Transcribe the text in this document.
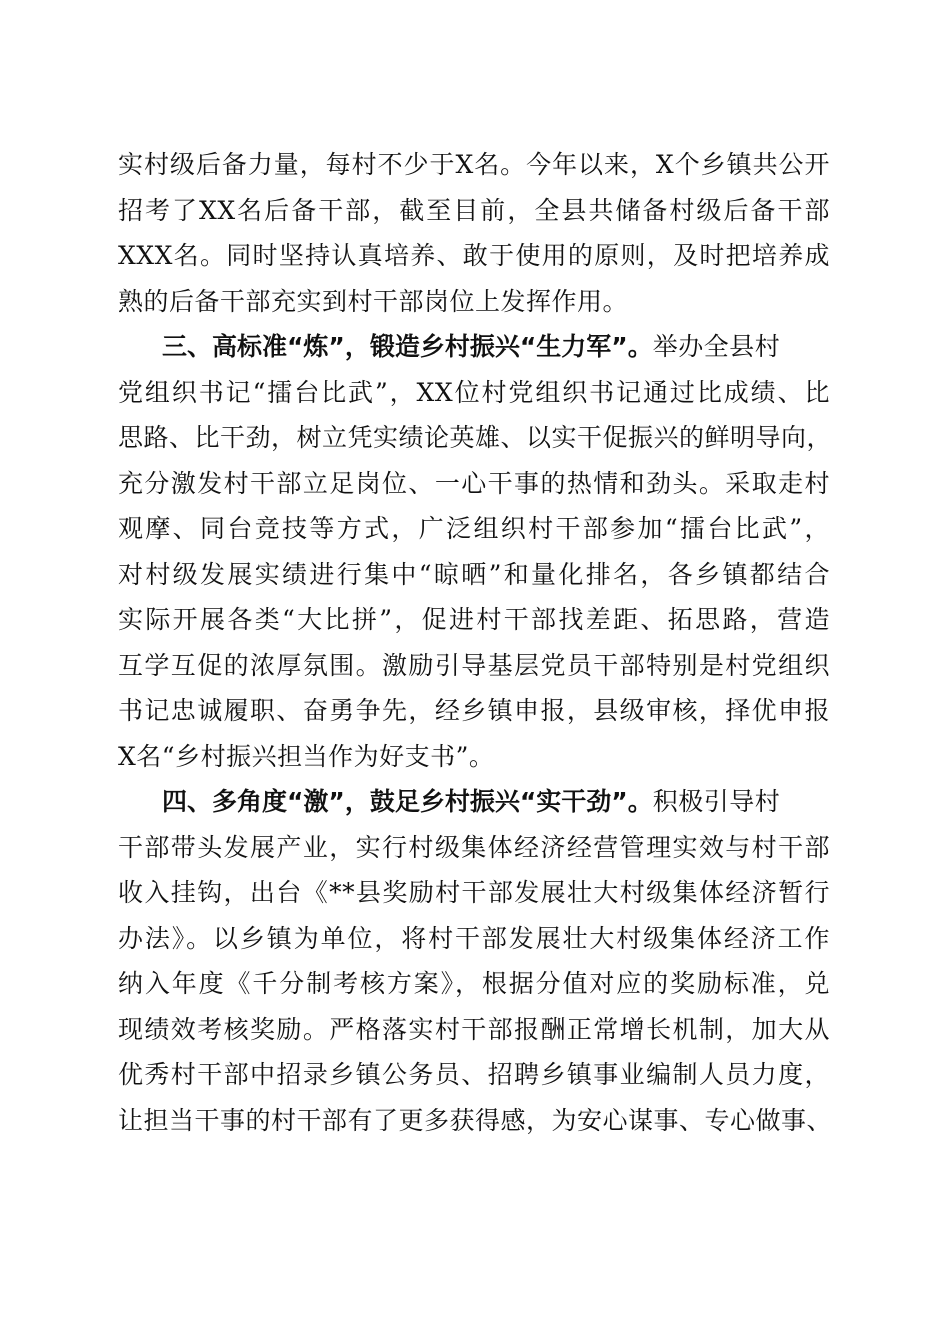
实村级后备力量，每村不少于X名。今年以来，X个乡镇共公开
招考了XX名后备干部，截至目前，全县共储备村级后备干部
XXX名。同时坚持认真培养、敢于使用的原则，及时把培养成
熟的后备干部充实到村干部岗位上发挥作用。
三、高标准“炼”，锻造乡村振兴“生力军”。举办全县村
党组织书记“擂台比武”，XX位村党组织书记通过比成绩、比
思路、比干劲，树立凭实绩论英雄、以实干促振兴的鲜明导向，
充分激发村干部立足岗位、一心干事的热情和劲头。采取走村
观摩、同台竞技等方式，广泛组织村干部参加“擂台比武”，
对村级发展实绩进行集中“晾晒”和量化排名，各乡镇都结合
实际开展各类“大比拼”，促进村干部找差距、拓思路，营造
互学互促的浓厚氛围。激励引导基层党员干部特别是村党组织
书记忠诚履职、奋勇争先，经乡镇申报，县级审核，择优申报
X名“乡村振兴担当作为好支书”。
四、多角度“激”，鼓足乡村振兴“实干劲”。积极引导村
干部带头发展产业，实行村级集体经济经营管理实效与村干部
收入挂钩，出台《**县奖励村干部发展壮大村级集体经济暂行
办法》。以乡镇为单位，将村干部发展壮大村级集体经济工作
纳入年度《千分制考核方案》，根据分值对应的奖励标准，兑
现绩效考核奖励。严格落实村干部报酬正常增长机制，加大从
优秀村干部中招录乡镇公务员、招聘乡镇事业编制人员力度，
让担当干事的村干部有了更多获得感，为安心谋事、专心做事、
